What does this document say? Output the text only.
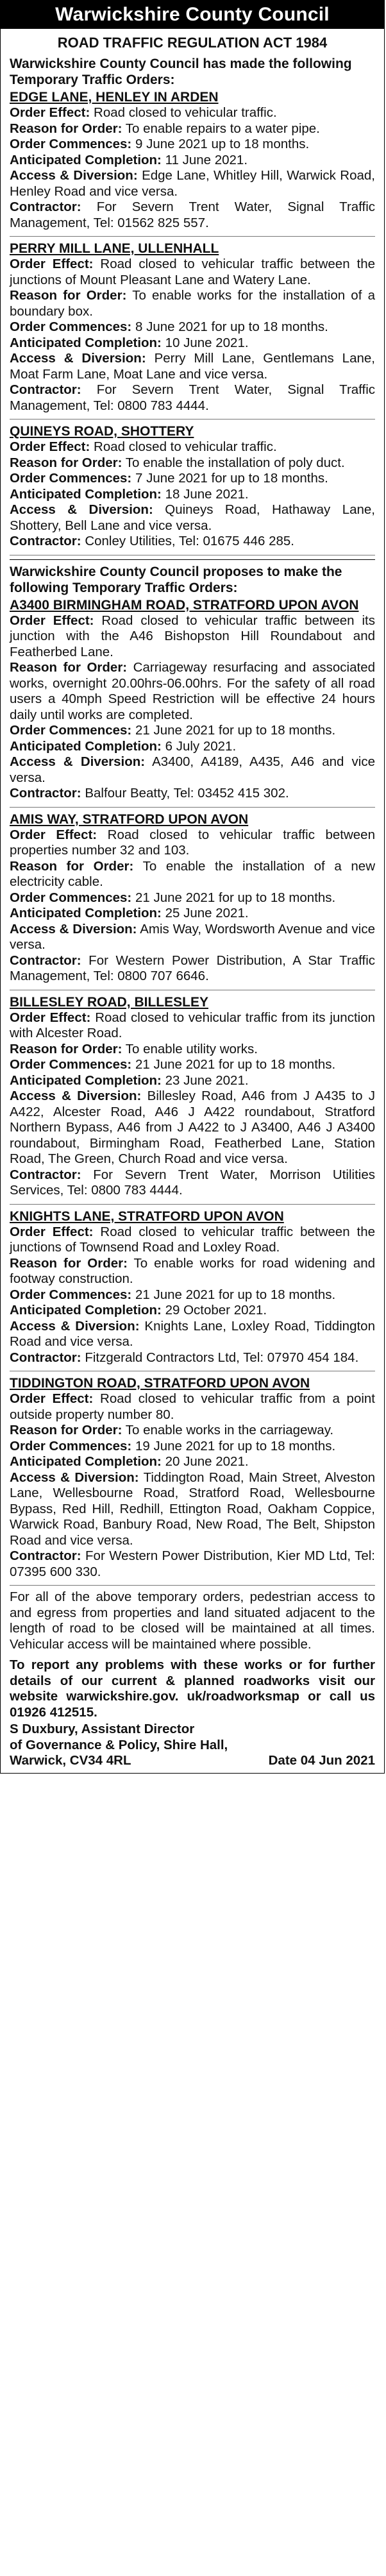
Warwickshire County Council
ROAD TRAFFIC REGULATION ACT 1984
Warwickshire County Council has made the following Temporary Traffic Orders:
EDGE LANE, HENLEY IN ARDEN
Order Effect: Road closed to vehicular traffic.
Reason for Order: To enable repairs to a water pipe.
Order Commences: 9 June 2021 up to 18 months.
Anticipated Completion: 11 June 2021.
Access & Diversion: Edge Lane, Whitley Hill, Warwick Road, Henley Road and vice versa.
Contractor: For Severn Trent Water, Signal Traffic Management, Tel: 01562 825 557.
PERRY MILL LANE, ULLENHALL
Order Effect: Road closed to vehicular traffic between the junctions of Mount Pleasant Lane and Watery Lane.
Reason for Order: To enable works for the installation of a boundary box.
Order Commences: 8 June 2021 for up to 18 months.
Anticipated Completion: 10 June 2021.
Access & Diversion: Perry Mill Lane, Gentlemans Lane, Moat Farm Lane, Moat Lane and vice versa.
Contractor: For Severn Trent Water, Signal Traffic Management, Tel: 0800 783 4444.
QUINEYS ROAD, SHOTTERY
Order Effect: Road closed to vehicular traffic.
Reason for Order: To enable the installation of poly duct.
Order Commences: 7 June 2021 for up to 18 months.
Anticipated Completion: 18 June 2021.
Access & Diversion: Quineys Road, Hathaway Lane, Shottery, Bell Lane and vice versa.
Contractor: Conley Utilities, Tel: 01675 446 285.
Warwickshire County Council proposes to make the following Temporary Traffic Orders:
A3400 BIRMINGHAM ROAD, STRATFORD UPON AVON
Order Effect: Road closed to vehicular traffic between its junction with the A46 Bishopston Hill Roundabout and Featherbed Lane.
Reason for Order: Carriageway resurfacing and associated works, overnight 20.00hrs-06.00hrs. For the safety of all road users a 40mph Speed Restriction will be effective 24 hours daily until works are completed.
Order Commences: 21 June 2021 for up to 18 months.
Anticipated Completion: 6 July 2021.
Access & Diversion: A3400, A4189, A435, A46 and vice versa.
Contractor: Balfour Beatty, Tel: 03452 415 302.
AMIS WAY, STRATFORD UPON AVON
Order Effect: Road closed to vehicular traffic between properties number 32 and 103.
Reason for Order: To enable the installation of a new electricity cable.
Order Commences: 21 June 2021 for up to 18 months.
Anticipated Completion: 25 June 2021.
Access & Diversion: Amis Way, Wordsworth Avenue and vice versa.
Contractor: For Western Power Distribution, A Star Traffic Management, Tel: 0800 707 6646.
BILLESLEY ROAD, BILLESLEY
Order Effect: Road closed to vehicular traffic from its junction with Alcester Road.
Reason for Order: To enable utility works.
Order Commences: 21 June 2021 for up to 18 months.
Anticipated Completion: 23 June 2021.
Access & Diversion: Billesley Road, A46 from J A435 to J A422, Alcester Road, A46 J A422 roundabout, Stratford Northern Bypass, A46 from J A422 to J A3400, A46 J A3400 roundabout, Birmingham Road, Featherbed Lane, Station Road, The Green, Church Road and vice versa.
Contractor: For Severn Trent Water, Morrison Utilities Services, Tel: 0800 783 4444.
KNIGHTS LANE, STRATFORD UPON AVON
Order Effect: Road closed to vehicular traffic between the junctions of Townsend Road and Loxley Road.
Reason for Order: To enable works for road widening and footway construction.
Order Commences: 21 June 2021 for up to 18 months.
Anticipated Completion: 29 October 2021.
Access & Diversion: Knights Lane, Loxley Road, Tiddington Road and vice versa.
Contractor: Fitzgerald Contractors Ltd, Tel: 07970 454 184.
TIDDINGTON ROAD, STRATFORD UPON AVON
Order Effect: Road closed to vehicular traffic from a point outside property number 80.
Reason for Order: To enable works in the carriageway.
Order Commences: 19 June 2021 for up to 18 months.
Anticipated Completion: 20 June 2021.
Access & Diversion: Tiddington Road, Main Street, Alveston Lane, Wellesbourne Road, Stratford Road, Wellesbourne Bypass, Red Hill, Redhill, Ettington Road, Oakham Coppice, Warwick Road, Banbury Road, New Road, The Belt, Shipston Road and vice versa.
Contractor: For Western Power Distribution, Kier MD Ltd, Tel: 07395 600 330.
For all of the above temporary orders, pedestrian access to and egress from properties and land situated adjacent to the length of road to be closed will be maintained at all times. Vehicular access will be maintained where possible.
To report any problems with these works or for further details of our current & planned roadworks visit our website warwickshire.gov. uk/roadworksmap or call us 01926 412515.
S Duxbury, Assistant Director
of Governance & Policy, Shire Hall,
Warwick, CV34 4RL	Date 04 Jun 2021
